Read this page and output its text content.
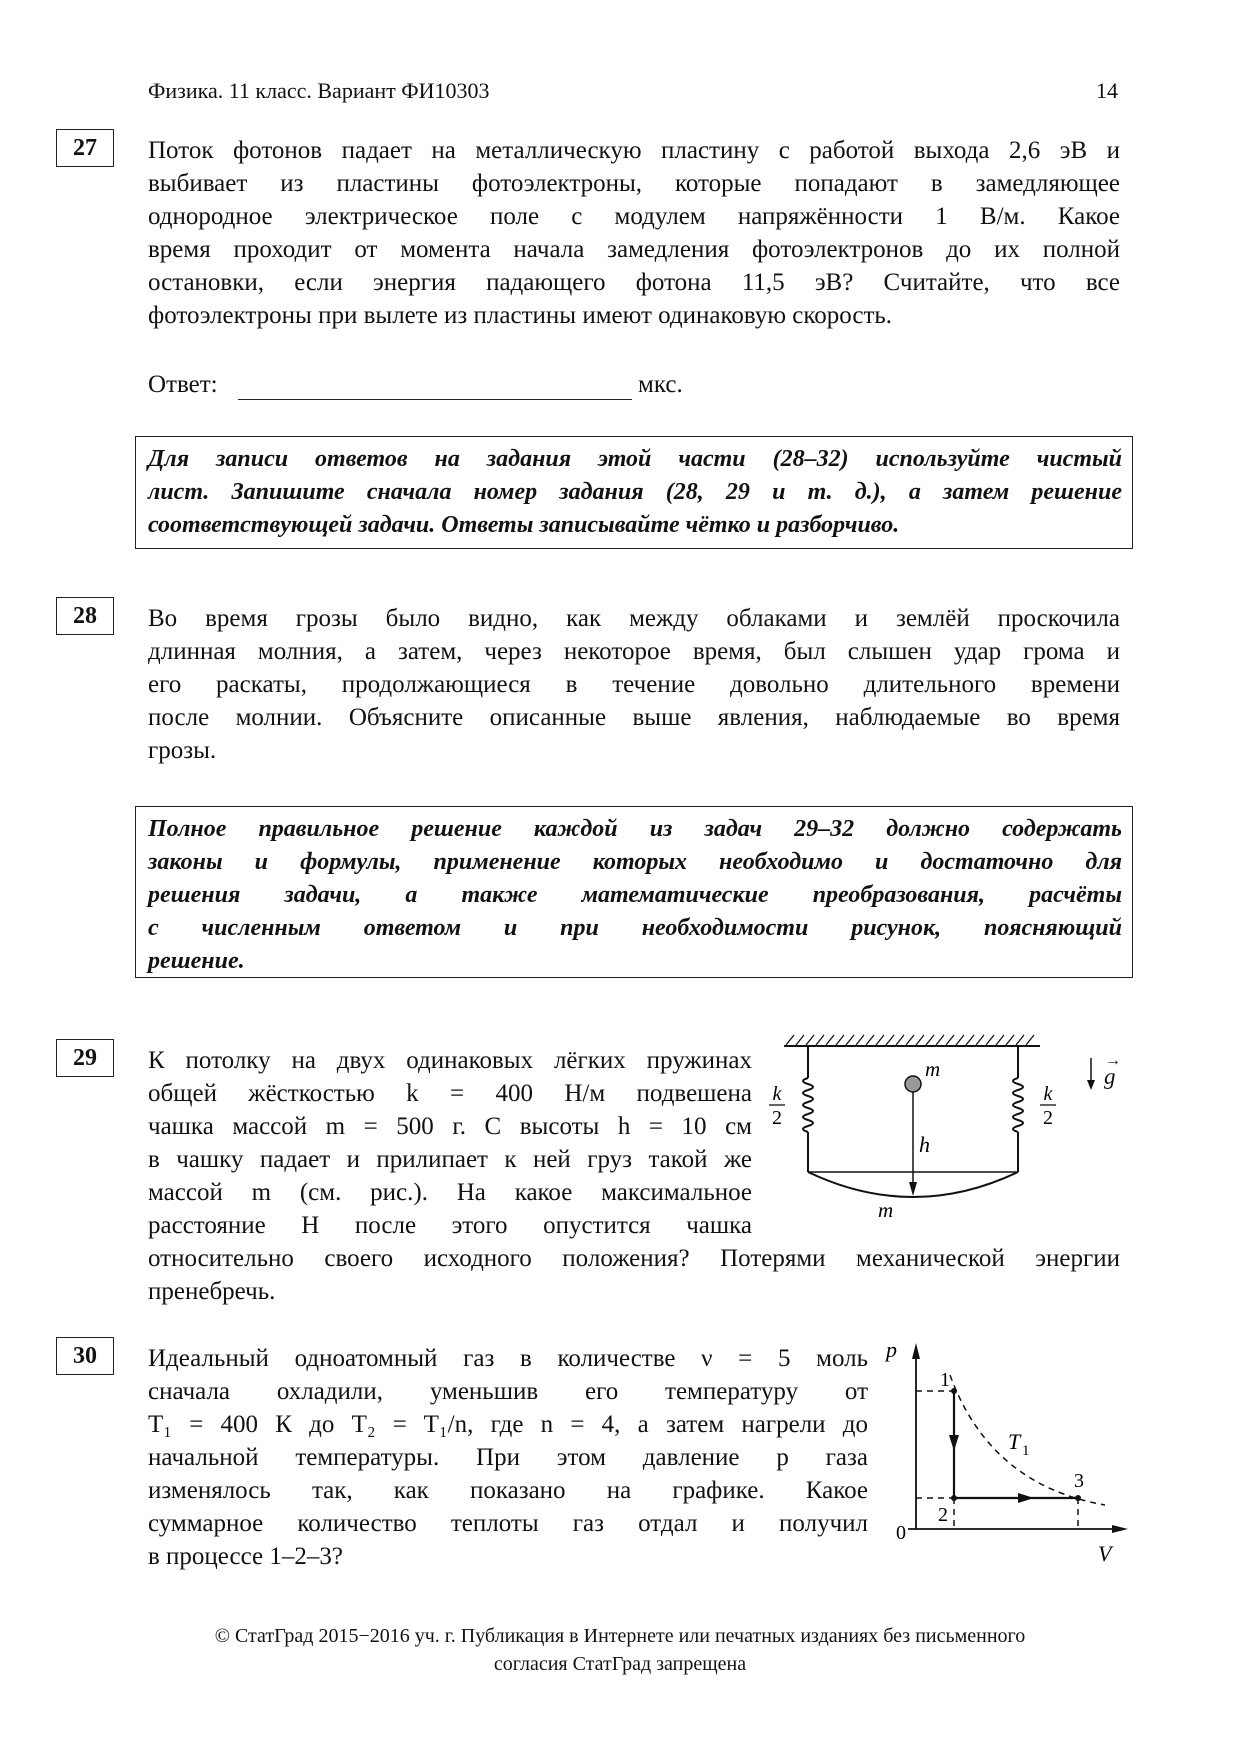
Физика. 11 класс. Вариант ФИ10303	14
27	Поток фотонов падает на металлическую пластину с работой выхода 2,6 эВ и
выбивает из пластины фотоэлектроны, которые попадают в замедляющее
однородное электрическое поле с модулем напряжённости 1 В/м. Какое
время проходит от момента начала замедления фотоэлектронов до их полной
остановки, если энергия падающего фотона 11,5 эВ? Считайте, что все
фотоэлектроны при вылете из пластины имеют одинаковую скорость.
Ответ:	мкс.
Для записи ответов на задания этой части (28–32) используйте чистый
лист. Запишите сначала номер задания (28, 29 и т. д.), а затем решение
соответствующей задачи. Ответы записывайте чётко и разборчиво.
28	Во время грозы было видно, как между облаками и землёй проскочила
длинная молния, а затем, через некоторое время, был слышен удар грома и
его раскаты, продолжающиеся в течение довольно длительного времени
после молнии. Объясните описанные выше явления, наблюдаемые во время
грозы.
Полное правильное решение каждой из задач 29–32 должно содержать
законы и формулы, применение которых необходимо и достаточно для
решения задачи, а также математические преобразования, расчёты
с численным ответом и при необходимости рисунок, поясняющий
решение.
29	К потолку на двух одинаковых лёгких пружинах
общей жёсткостью k = 400 Н/м подвешена
чашка массой m = 500 г. С высоты h = 10 см
в чашку падает и прилипает к ней груз такой же
массой m (см. рис.). На какое максимальное
расстояние H после этого опустится чашка
относительно своего исходного положения? Потерями механической энергии
пренебречь.
m
h
m
k
2
k
2
→
g
30	Идеальный одноатомный газ в количестве ν = 5 моль
сначала охладили, уменьшив его температуру от
T₁ = 400 К до T₂ = T₁/n, где n = 4, а затем нагрели до
начальной температуры. При этом давление p газа
изменялось так, как показано на графике. Какое
суммарное количество теплоты газ отдал и получил
в процессе 1–2–3?
p
V
0
1
2
3
T 1
© СтатГрад 2015−2016 уч. г. Публикация в Интернете или печатных изданиях без письменного
согласия СтатГрад запрещена
